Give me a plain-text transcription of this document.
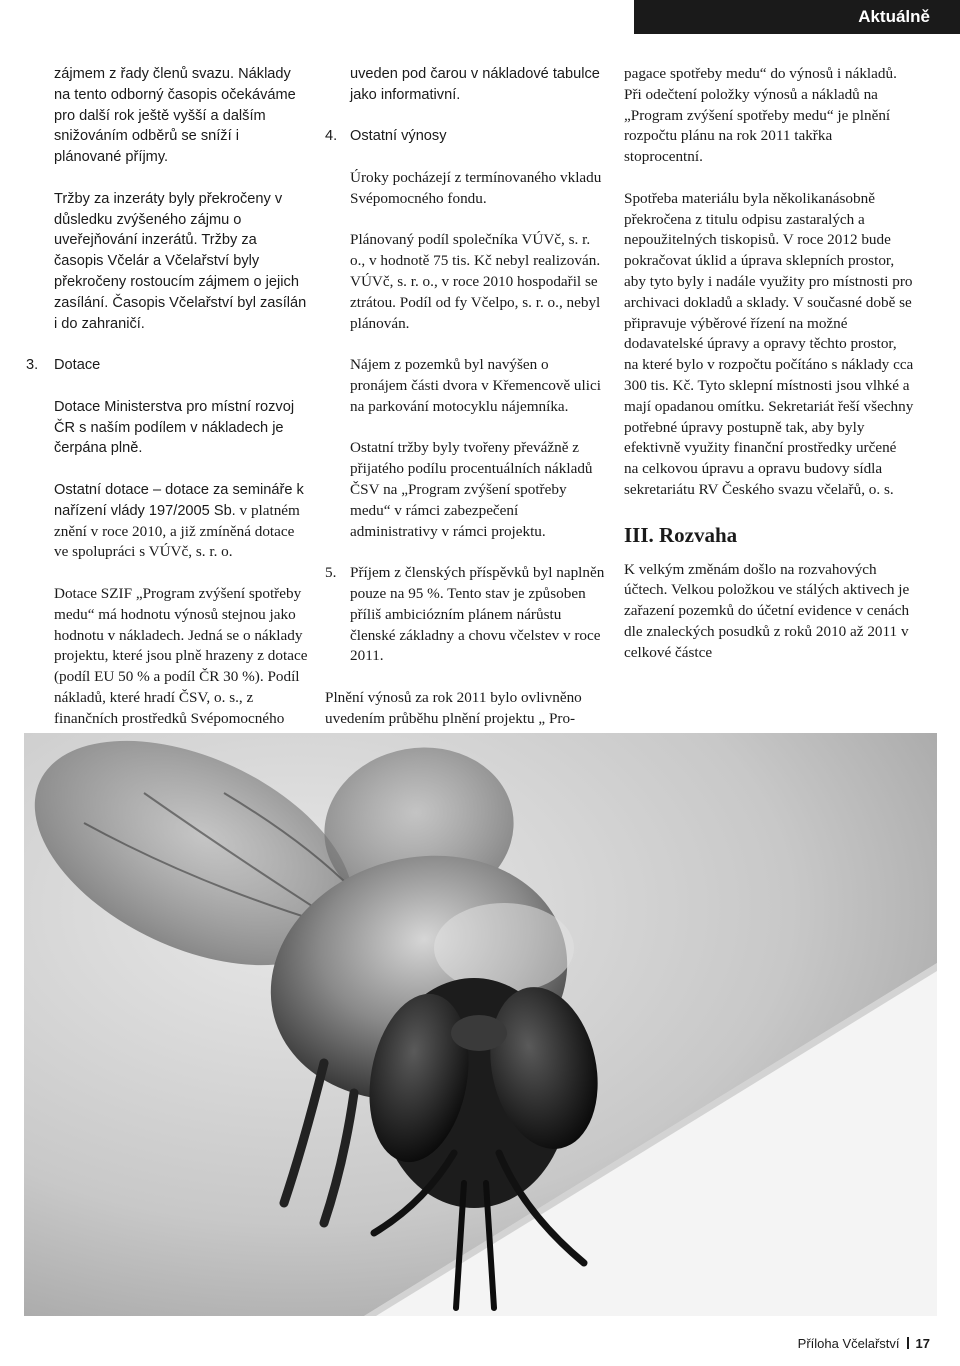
Aktuálně

zájmem z řady členů svazu. Náklady na tento odborný časopis očekáváme pro další rok ještě vyšší a dalším snižováním odběrů se sníží i plánované příjmy.

Tržby za inzeráty byly překročeny v důsledku zvýšeného zájmu o uveřejňování inzerátů. Tržby za časopis Včelár a Včelařství byly překročeny rostoucím zájmem o jejich zasílání. Časopis Včelařství byl zasílán i do zahraničí.

3. Dotace

Dotace Ministerstva pro místní rozvoj ČR s naším podílem v nákladech je čerpána plně.

Ostatní dotace – dotace za semináře k nařízení vlády 197/2005 Sb. v platném znění v roce 2010, a již zmíněná dotace ve spolupráci s VÚVč, s. r. o.

Dotace SZIF „Program zvýšení spotřeby medu“ má hodnotu výnosů stejnou jako hodnotu v nákladech. Jedná se o náklady projektu, které jsou plně hrazeny z dotace (podíl EU 50 % a podíl ČR 30 %). Podíl nákladů, které hradí ČSV, o. s., z finančních prostředků Svépomocného

uveden pod čarou v nákladové tabulce jako informativní.

4. Ostatní výnosy

Úroky pocházejí z termínovaného vkladu Svépomocného fondu.

Plánovaný podíl společníka VÚVč, s. r. o., v hodnotě 75 tis. Kč nebyl realizován. VÚVč, s. r. o., v roce 2010 hospodařil se ztrátou. Podíl od fy Včelpo, s. r. o., nebyl plánován.

Nájem z pozemků byl navýšen o pronájem části dvora v Křemencově ulici na parkování motocyklu nájemníka.

Ostatní tržby byly tvořeny převážně z přijatého podílu procentuálních nákladů ČSV na „Program zvýšení spotřeby medu“ v rámci zabezpečení administrativy v rámci projektu.

5. Příjem z členských příspěvků byl naplněn pouze na 95 %. Tento stav je způsoben příliš ambiciózním plánem nárůstu členské základny a chovu včelstev v roce 2011.

Plnění výnosů za rok 2011 bylo ovlivněno uvedením průběhu plnění projektu „ Pro-

pagace spotřeby medu“ do výnosů i nákladů. Při odečtení položky výnosů a nákladů na „Program zvýšení spotřeby medu“ je plnění rozpočtu plánu na rok 2011 takřka stoprocentní.

Spotřeba materiálu byla několikanásobně překročena z titulu odpisu zastaralých a nepoužitelných tiskopisů. V roce 2012 bude pokračovat úklid a úprava sklepních prostor, aby tyto byly i nadále využity pro místnosti pro archivaci dokladů a sklady. V současné době se připravuje výběrové řízení na možné dodavatelské úpravy a opravy těchto prostor, na které bylo v rozpočtu počítáno s náklady cca 300 tis. Kč. Tyto sklepní místnosti jsou vlhké a mají opadanou omítku. Sekretariát řeší všechny potřebné úpravy postupně tak, aby byly efektivně využity finanční prostředky určené na celkovou úpravu a opravu budovy sídla sekretariátu RV Českého svazu včelařů, o. s.

III. Rozvaha

K velkým změnám došlo na rozvahových účtech. Velkou položkou ve stálých aktivech je zařazení pozemků do účetní evidence v cenách dle znaleckých posudků z roků 2010 až 2011 v celkové částce

Příloha Včelařství 17
